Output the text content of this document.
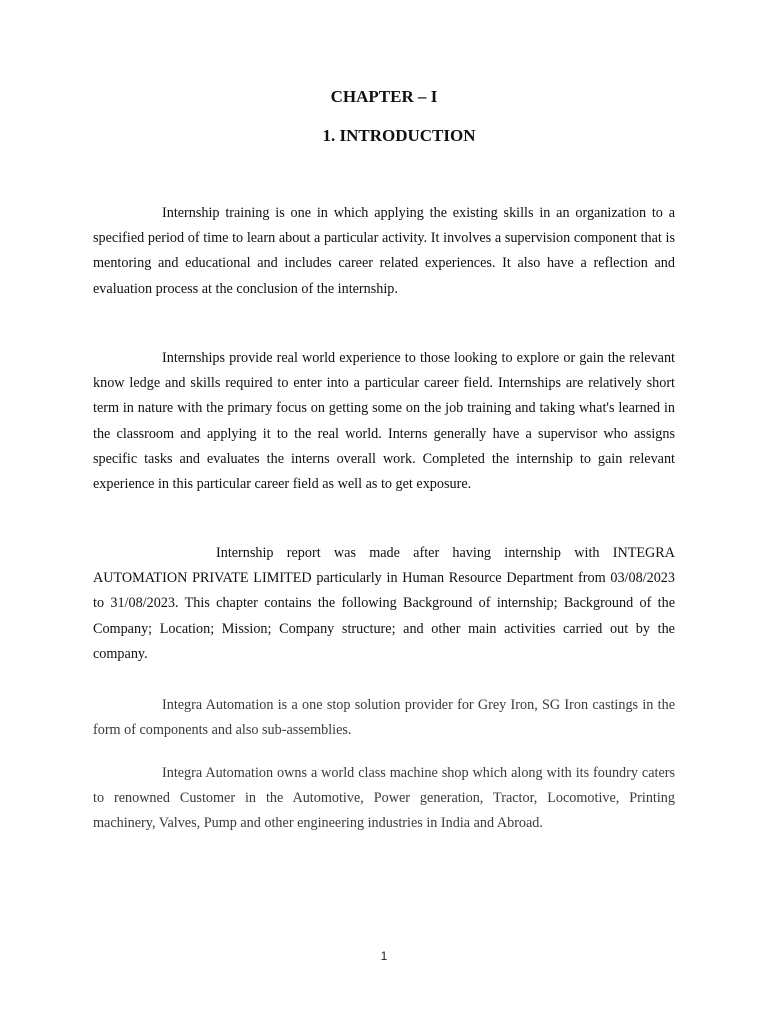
CHAPTER – I
1. INTRODUCTION

Internship training is one in which applying the existing skills in an organization to a specified period of time to learn about a particular activity. It involves a supervision component that is mentoring and educational and includes career related experiences. It also have a reflection and evaluation process at the conclusion of the internship.

Internships provide real world experience to those looking to explore or gain the relevant know ledge and skills required to enter into a particular career field. Internships are relatively short term in nature with the primary focus on getting some on the job training and taking what's learned in the classroom and applying it to the real world. Interns generally have a supervisor who assigns specific tasks and evaluates the interns overall work. Completed the internship to gain relevant experience in this particular career field as well as to get exposure.

Internship report was made after having internship with INTEGRA AUTOMATION PRIVATE LIMITED particularly in Human Resource Department from 03/08/2023 to 31/08/2023. This chapter contains the following Background of internship; Background of the Company; Location; Mission; Company structure; and other main activities carried out by the company.

Integra Automation is a one stop solution provider for Grey Iron, SG Iron castings in the form of components and also sub-assemblies.

Integra Automation owns a world class machine shop which along with its foundry caters to renowned Customer in the Automotive, Power generation, Tractor, Locomotive, Printing machinery, Valves, Pump and other engineering industries in India and Abroad.

1
